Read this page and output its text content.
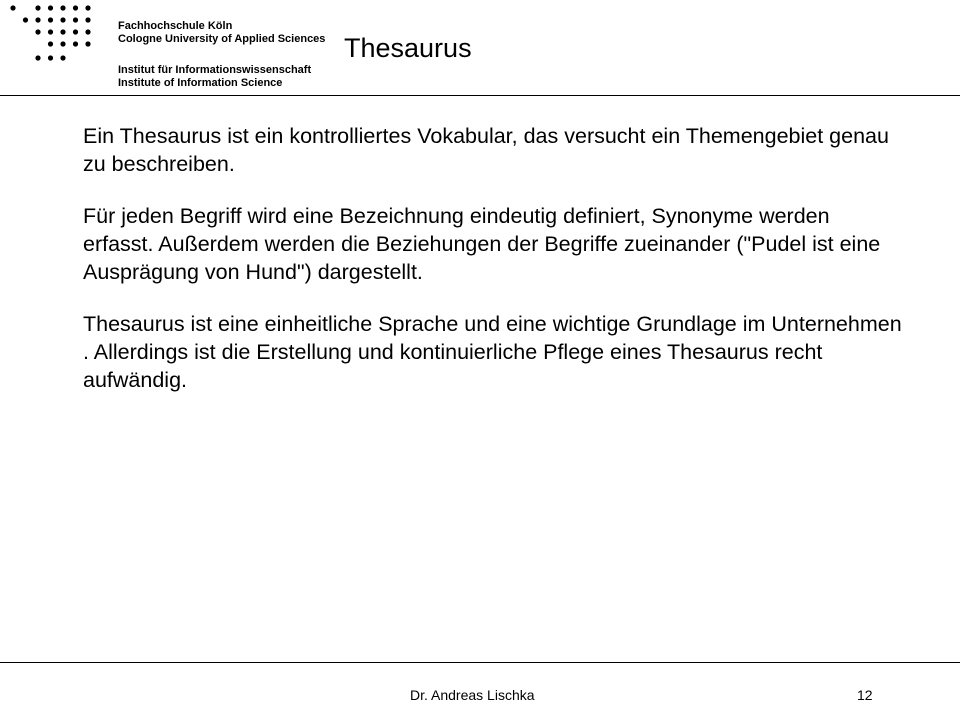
Fachhochschule Köln
Cologne University of Applied Sciences
Institut für Informationswissenschaft
Institute of Information Science
Thesaurus

Ein Thesaurus ist ein kontrolliertes Vokabular, das versucht ein Themengebiet genau zu beschreiben.

Für jeden Begriff wird eine Bezeichnung eindeutig definiert, Synonyme werden erfasst. Außerdem werden die Beziehungen der Begriffe zueinander ("Pudel ist eine Ausprägung von Hund") dargestellt.

Thesaurus ist eine einheitliche Sprache und eine wichtige Grundlage im Unternehmen . Allerdings ist die Erstellung und kontinuierliche Pflege eines Thesaurus recht aufwändig.

Dr. Andreas Lischka	12
